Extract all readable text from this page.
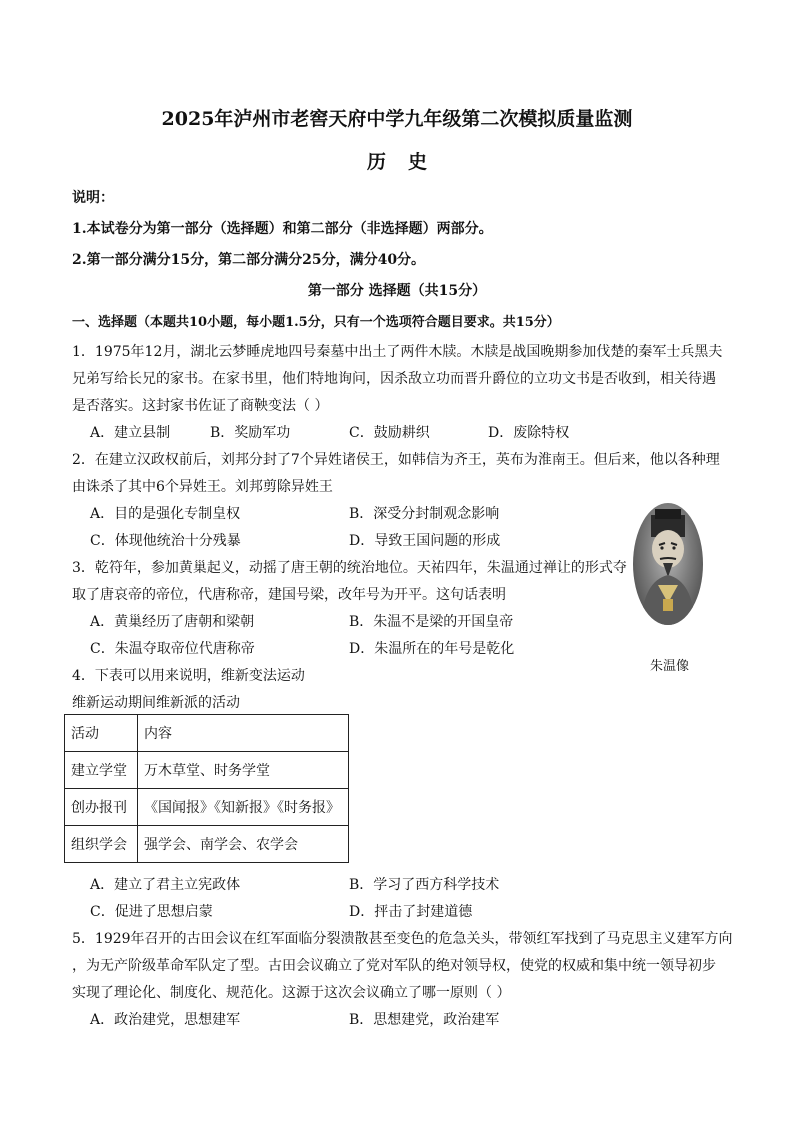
2025年泸州市老窖天府中学九年级第二次模拟质量监测
历史
说明：
1.本试卷分为第一部分（选择题）和第二部分（非选择题）两部分。
2.第一部分满分15分，第二部分满分25分，满分40分。
第一部分 选择题（共15分）
一、选择题（本题共10小题，每小题1.5分，只有一个选项符合题目要求。共15分）
1．1975年12月，湖北云梦睡虎地四号秦墓中出土了两件木牍。木牍是战国晚期参加伐楚的秦军士兵黑夫
兄弟写给长兄的家书。在家书里，他们特地询问，因杀敌立功而晋升爵位的立功文书是否收到，相关待遇
是否落实。这封家书佐证了商鞅变法（ ）
A．建立县制	B．奖励军功	C．鼓励耕织	D．废除特权
2．在建立汉政权前后，刘邦分封了7个异姓诸侯王，如韩信为齐王，英布为淮南王。但后来，他以各种理
由诛杀了其中6个异姓王。刘邦剪除异姓王
A．目的是强化专制皇权	B．深受分封制观念影响
C．体现他统治十分残暴	D．导致王国问题的形成
3．乾符年，参加黄巢起义，动摇了唐王朝的统治地位。天祐四年，朱温通过禅让的形式夺
取了唐哀帝的帝位，代唐称帝，建国号梁，改年号为开平。这句话表明
A．黄巢经历了唐朝和梁朝	B．朱温不是梁的开国皇帝
C．朱温夺取帝位代唐称帝	D．朱温所在的年号是乾化
朱温像
4．下表可以用来说明，维新变法运动
维新运动期间维新派的活动
活动	内容
建立学堂	万木草堂、时务学堂
创办报刊	《国闻报》《知新报》《时务报》
组织学会	强学会、南学会、农学会
A．建立了君主立宪政体	B．学习了西方科学技术
C．促进了思想启蒙	D．抨击了封建道德
5．1929年召开的古田会议在红军面临分裂溃散甚至变色的危急关头，带领红军找到了马克思主义建军方向
，为无产阶级革命军队定了型。古田会议确立了党对军队的绝对领导权，使党的权威和集中统一领导初步
实现了理论化、制度化、规范化。这源于这次会议确立了哪一原则（ ）
A．政治建党，思想建军	B．思想建党，政治建军
